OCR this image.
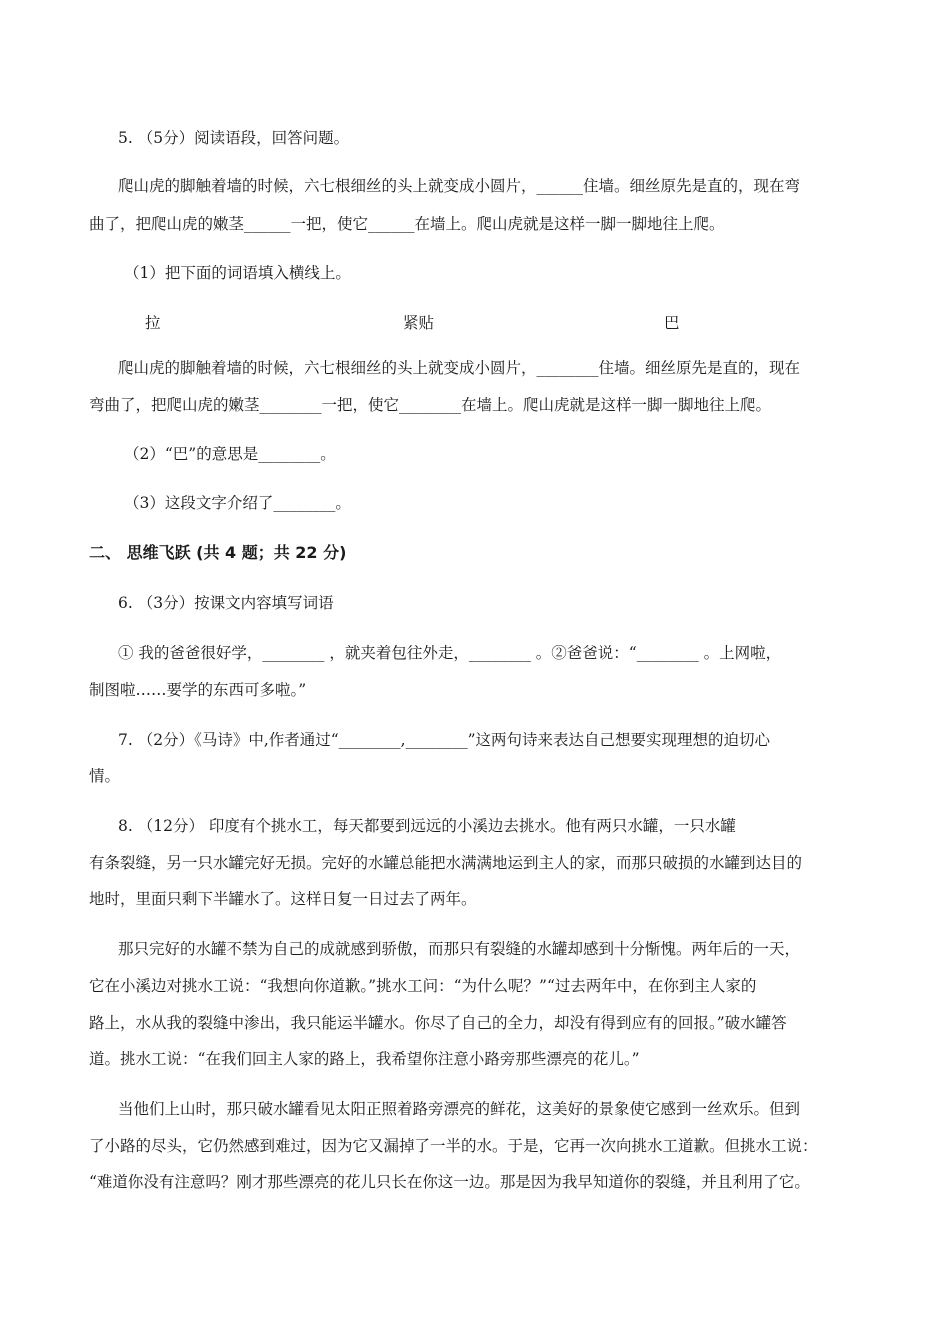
5. （5分）阅读语段，回答问题。
爬山虎的脚触着墙的时候，六七根细丝的头上就变成小圆片，______住墙。细丝原先是直的，现在弯
曲了，把爬山虎的嫩茎______一把，使它______在墙上。爬山虎就是这样一脚一脚地往上爬。
（1）把下面的词语填入横线上。
拉	紧贴	巴
爬山虎的脚触着墙的时候，六七根细丝的头上就变成小圆片，________住墙。细丝原先是直的，现在
弯曲了，把爬山虎的嫩茎________一把，使它________在墙上。爬山虎就是这样一脚一脚地往上爬。
（2）“巴”的意思是________。
（3）这段文字介绍了________。
二、 思维飞跃 (共 4 题；共 22 分)
6. （3分）按课文内容填写词语
① 我的爸爸很好学，________ ，就夹着包往外走，________ 。②爸爸说：“________ 。上网啦，
制图啦……要学的东西可多啦。”
7. （2分）《马诗》中,作者通过“________,________”这两句诗来表达自己想要实现理想的迫切心
情。
8. （12分） 印度有个挑水工，每天都要到远远的小溪边去挑水。他有两只水罐，一只水罐
有条裂缝，另一只水罐完好无损。完好的水罐总能把水满满地运到主人的家，而那只破损的水罐到达目的
地时，里面只剩下半罐水了。这样日复一日过去了两年。
那只完好的水罐不禁为自己的成就感到骄傲，而那只有裂缝的水罐却感到十分惭愧。两年后的一天，
它在小溪边对挑水工说：“我想向你道歉。”挑水工问：“为什么呢？”“过去两年中，在你到主人家的
路上，水从我的裂缝中渗出，我只能运半罐水。你尽了自己的全力，却没有得到应有的回报。”破水罐答
道。挑水工说：“在我们回主人家的路上，我希望你注意小路旁那些漂亮的花儿。”
当他们上山时，那只破水罐看见太阳正照着路旁漂亮的鲜花，这美好的景象使它感到一丝欢乐。但到
了小路的尽头，它仍然感到难过，因为它又漏掉了一半的水。于是，它再一次向挑水工道歉。但挑水工说：
“难道你没有注意吗？刚才那些漂亮的花儿只长在你这一边。那是因为我早知道你的裂缝，并且利用了它。
